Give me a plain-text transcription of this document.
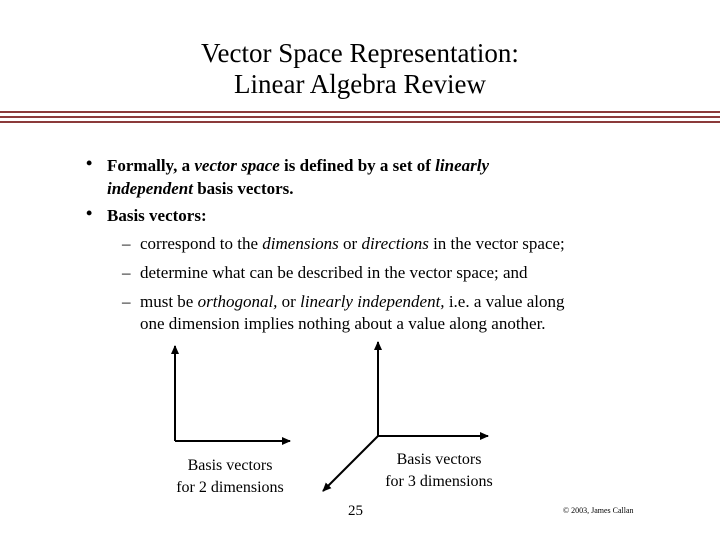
Vector Space Representation:
Linear Algebra Review
• Formally, a vector space is defined by a set of linearly
independent basis vectors.
• Basis vectors:
– correspond to the dimensions or directions in the vector space;
– determine what can be described in the vector space; and
– must be orthogonal, or linearly independent, i.e. a value along
one dimension implies nothing about a value along another.
Basis vectors
for 2 dimensions
Basis vectors
for 3 dimensions
25	© 2003, James Callan
